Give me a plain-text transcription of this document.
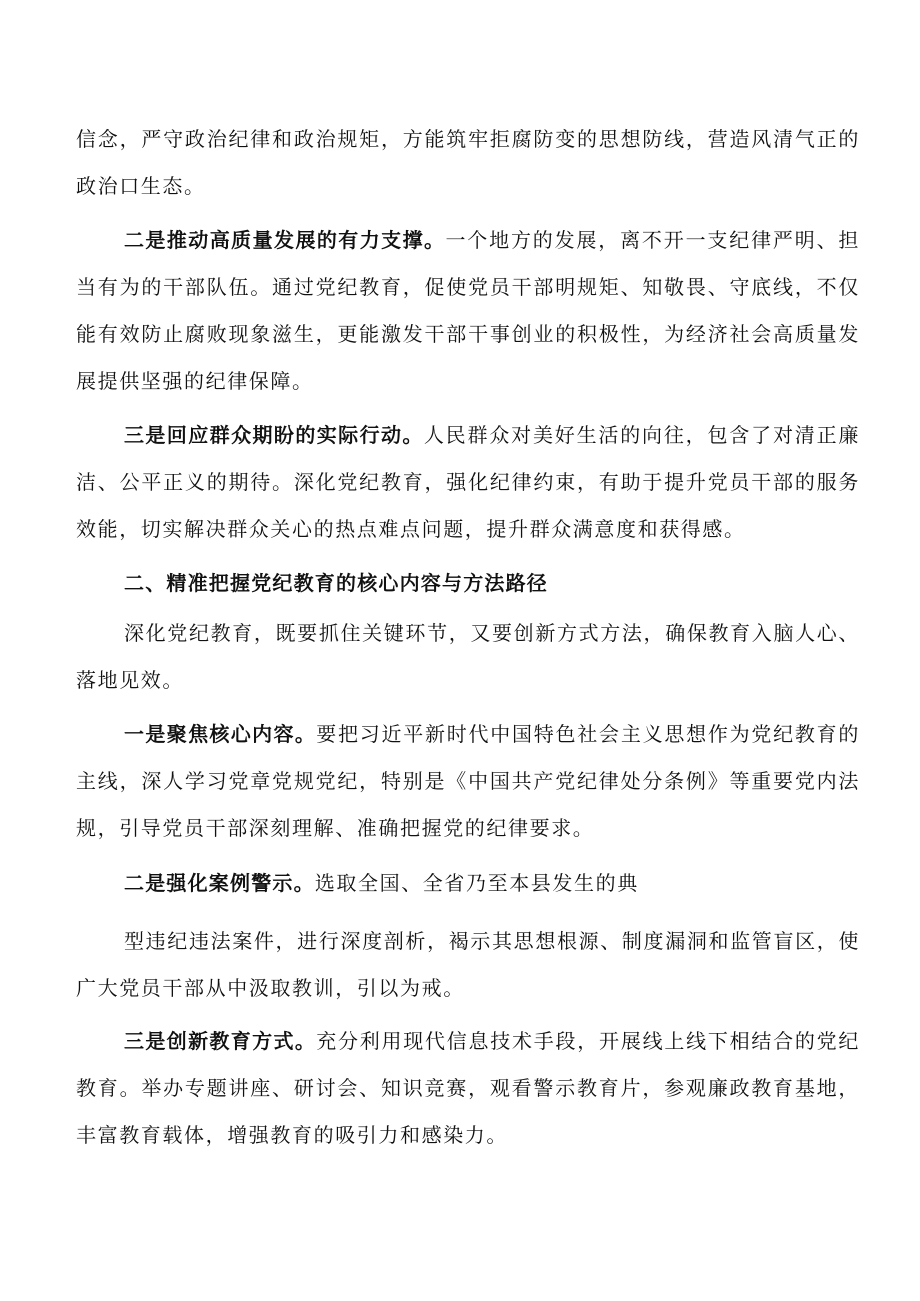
信念，严守政治纪律和政治规矩，方能筑牢拒腐防变的思想防线，营造风清气正的政治口生态。

二是推动高质量发展的有力支撑。一个地方的发展，离不开一支纪律严明、担当有为的干部队伍。通过党纪教育，促使党员干部明规矩、知敬畏、守底线，不仅能有效防止腐败现象滋生，更能激发干部干事创业的积极性，为经济社会高质量发展提供坚强的纪律保障。

三是回应群众期盼的实际行动。人民群众对美好生活的向往，包含了对清正廉洁、公平正义的期待。深化党纪教育，强化纪律约束，有助于提升党员干部的服务效能，切实解决群众关心的热点难点问题，提升群众满意度和获得感。

二、精准把握党纪教育的核心内容与方法路径

深化党纪教育，既要抓住关键环节，又要创新方式方法，确保教育入脑人心、落地见效。

一是聚焦核心内容。要把习近平新时代中国特色社会主义思想作为党纪教育的主线，深人学习党章党规党纪，特别是《中国共产党纪律处分条例》等重要党内法规，引导党员干部深刻理解、准确把握党的纪律要求。

二是强化案例警示。选取全国、全省乃至本县发生的典

型违纪违法案件，进行深度剖析，褐示其思想根源、制度漏洞和监管盲区，使广大党员干部从中汲取教训，引以为戒。

三是创新教育方式。充分利用现代信息技术手段，开展线上线下相结合的党纪教育。举办专题讲座、研讨会、知识竞赛，观看警示教育片，参观廉政教育基地，丰富教育载体，增强教育的吸引力和感染力。
